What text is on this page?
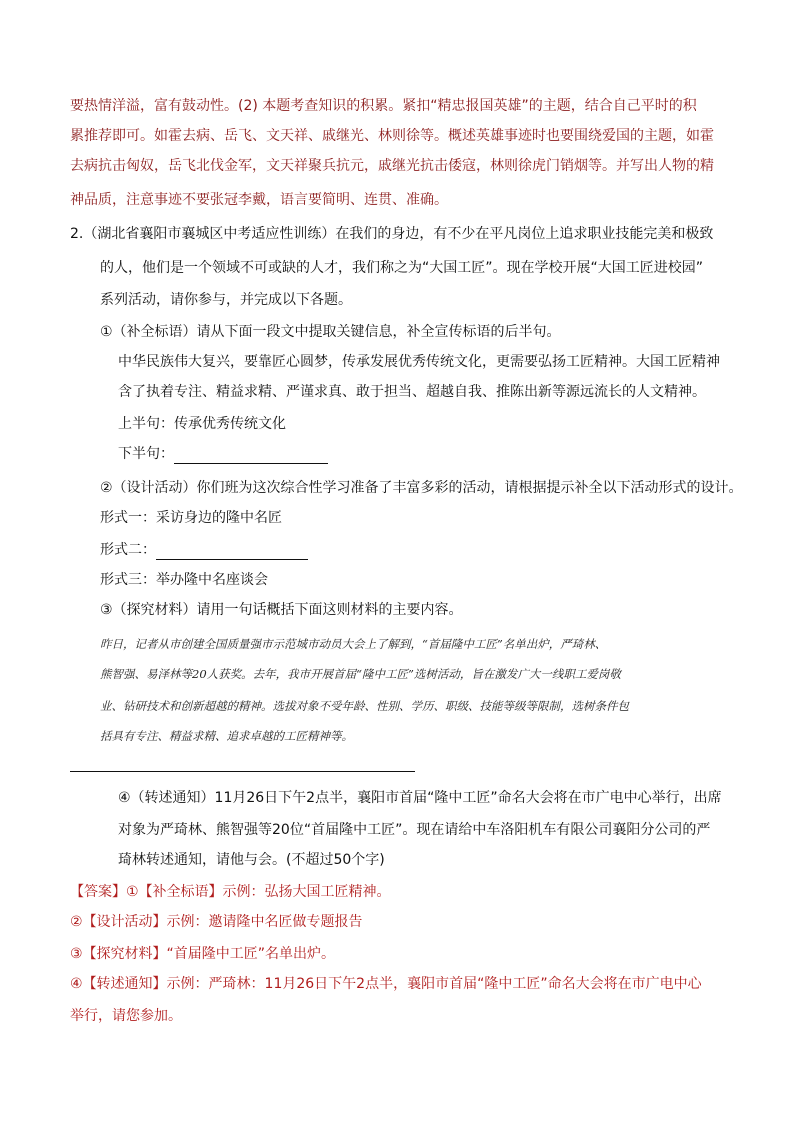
要热情洋溢，富有鼓动性。(2) 本题考查知识的积累。紧扣“精忠报国英雄”的主题，结合自己平时的积
累推荐即可。如霍去病、岳飞、文天祥、戚继光、林则徐等。概述英雄事迹时也要围绕爱国的主题，如霍
去病抗击匈奴，岳飞北伐金军，文天祥聚兵抗元，戚继光抗击倭寇，林则徐虎门销烟等。并写出人物的精
神品质，注意事迹不要张冠李戴，语言要简明、连贯、准确。
2.（湖北省襄阳市襄城区中考适应性训练）在我们的身边，有不少在平凡岗位上追求职业技能完美和极致
的人，他们是一个领域不可或缺的人才，我们称之为“大国工匠”。现在学校开展“大国工匠进校园”
系列活动，请你参与，并完成以下各题。
①（补全标语）请从下面一段文中提取关键信息，补全宣传标语的后半句。
中华民族伟大复兴，要靠匠心圆梦，传承发展优秀传统文化，更需要弘扬工匠精神。大国工匠精神
含了执着专注、精益求精、严谨求真、敢于担当、超越自我、推陈出新等源远流长的人文精神。
上半句：传承优秀传统文化
下半句：
②（设计活动）你们班为这次综合性学习准备了丰富多彩的活动，请根据提示补全以下活动形式的设计。
形式一：采访身边的隆中名匠
形式二：
形式三：举办隆中名座谈会
③（探究材料）请用一句话概括下面这则材料的主要内容。
昨日，记者从市创建全国质量强市示范城市动员大会上了解到，“首届隆中工匠”名单出炉，严琦林、
熊智强、易泽林等20人获奖。去年，我市开展首届“隆中工匠”选树活动，旨在激发广大一线职工爱岗敬
业、钻研技术和创新超越的精神。选拔对象不受年龄、性别、学历、职级、技能等级等限制，选树条件包
括具有专注、精益求精、追求卓越的工匠精神等。
④（转述通知）11月26日下午2点半，襄阳市首届“隆中工匠”命名大会将在市广电中心举行，出席
对象为严琦林、熊智强等20位“首届隆中工匠”。现在请给中车洛阳机车有限公司襄阳分公司的严
琦林转述通知，请他与会。(不超过50个字)
【答案】①【补全标语】示例：弘扬大国工匠精神。
②【设计活动】示例：邀请隆中名匠做专题报告
③【探究材料】“首届隆中工匠”名单出炉。
④【转述通知】示例：严琦林：11月26日下午2点半，襄阳市首届“隆中工匠”命名大会将在市广电中心
举行，请您参加。
